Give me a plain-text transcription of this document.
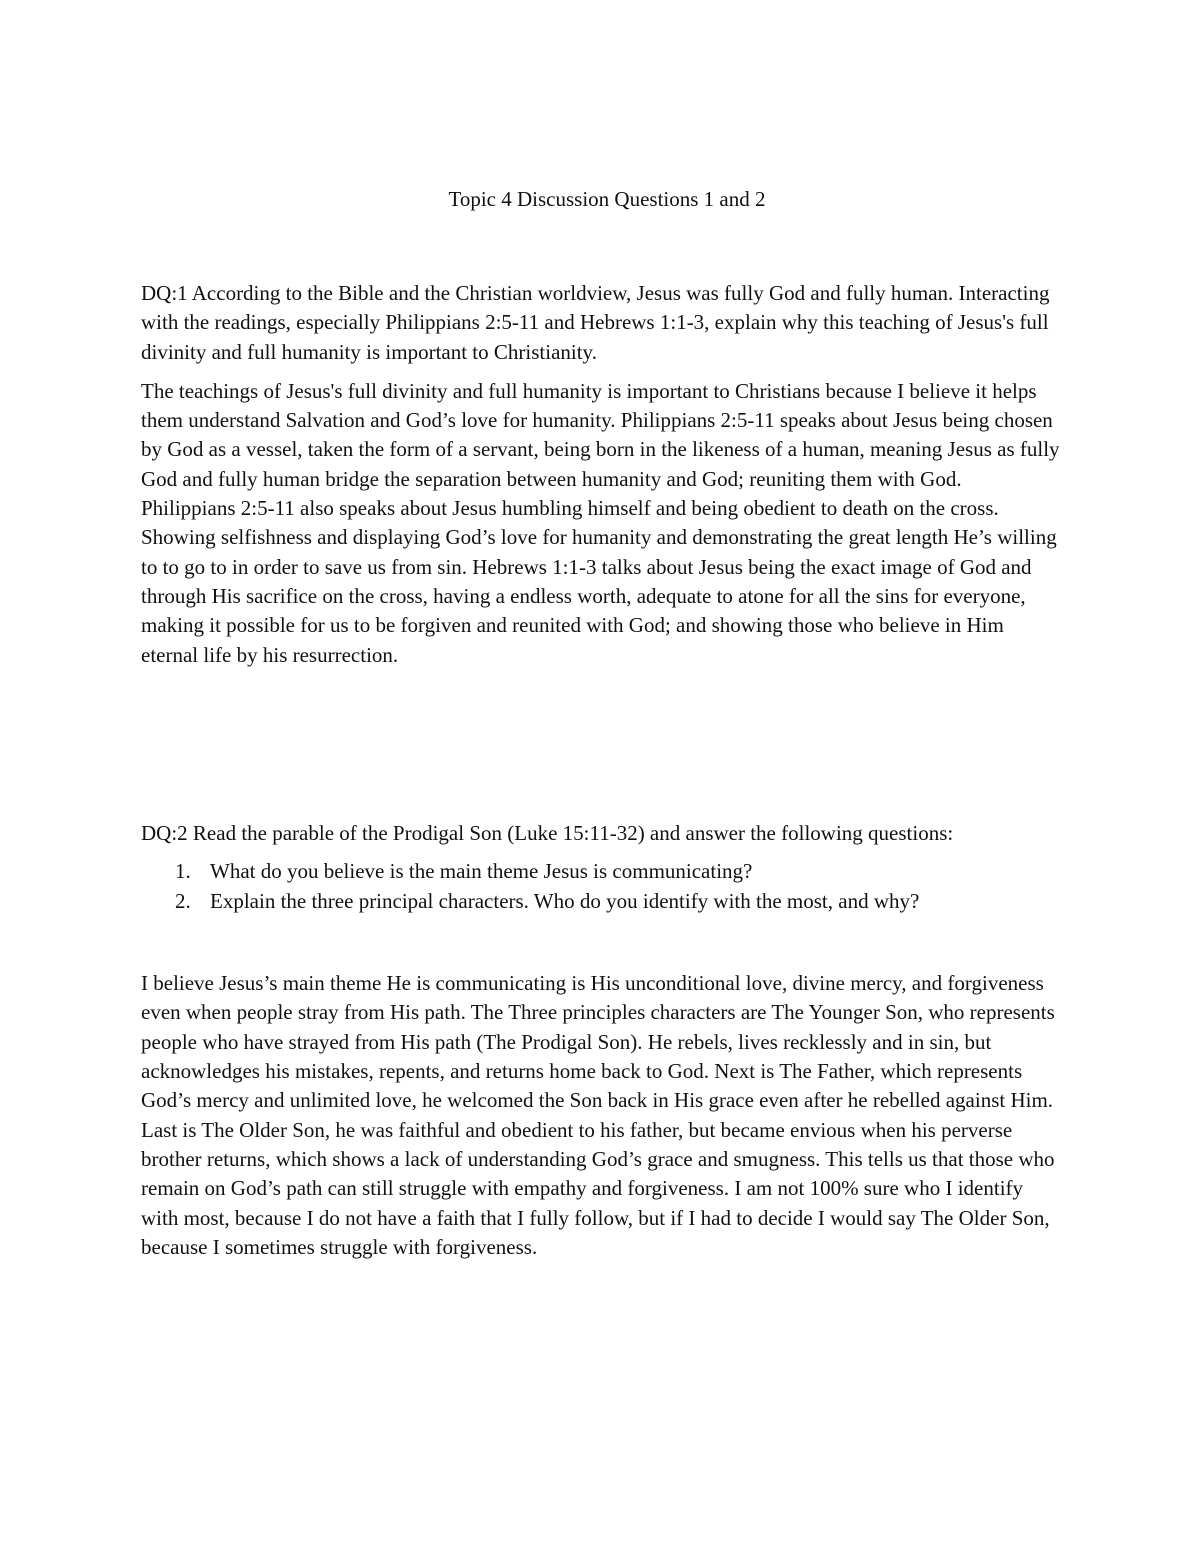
Topic 4 Discussion Questions 1 and 2

DQ:1 According to the Bible and the Christian worldview, Jesus was fully God and fully human. Interacting with the readings, especially Philippians 2:5-11 and Hebrews 1:1-3, explain why this teaching of Jesus's full divinity and full humanity is important to Christianity.

The teachings of Jesus's full divinity and full humanity is important to Christians because I believe it helps them understand Salvation and God’s love for humanity. Philippians 2:5-11 speaks about Jesus being chosen by God as a vessel, taken the form of a servant, being born in the likeness of a human, meaning Jesus as fully God and fully human bridge the separation between humanity and God; reuniting them with God. Philippians 2:5-11 also speaks about Jesus humbling himself and being obedient to death on the cross. Showing selfishness and displaying God’s love for humanity and demonstrating the great length He’s willing to to go to in order to save us from sin. Hebrews 1:1-3 talks about Jesus being the exact image of God and through His sacrifice on the cross, having a endless worth, adequate to atone for all the sins for everyone, making it possible for us to be forgiven and reunited with God; and showing those who believe in Him eternal life by his resurrection.

DQ:2 Read the parable of the Prodigal Son (Luke 15:11-32) and answer the following questions:

1. What do you believe is the main theme Jesus is communicating?
2. Explain the three principal characters. Who do you identify with the most, and why?

I believe Jesus’s main theme He is communicating is His unconditional love, divine mercy, and forgiveness even when people stray from His path. The Three principles characters are The Younger Son, who represents people who have strayed from His path (The Prodigal Son). He rebels, lives recklessly and in sin, but acknowledges his mistakes, repents, and returns home back to God. Next is The Father, which represents God’s mercy and unlimited love, he welcomed the Son back in His grace even after he rebelled against Him. Last is The Older Son, he was faithful and obedient to his father, but became envious when his perverse brother returns, which shows a lack of understanding God’s grace and smugness. This tells us that those who remain on God’s path can still struggle with empathy and forgiveness. I am not 100% sure who I identify with most, because I do not have a faith that I fully follow, but if I had to decide I would say The Older Son, because I sometimes struggle with forgiveness.
